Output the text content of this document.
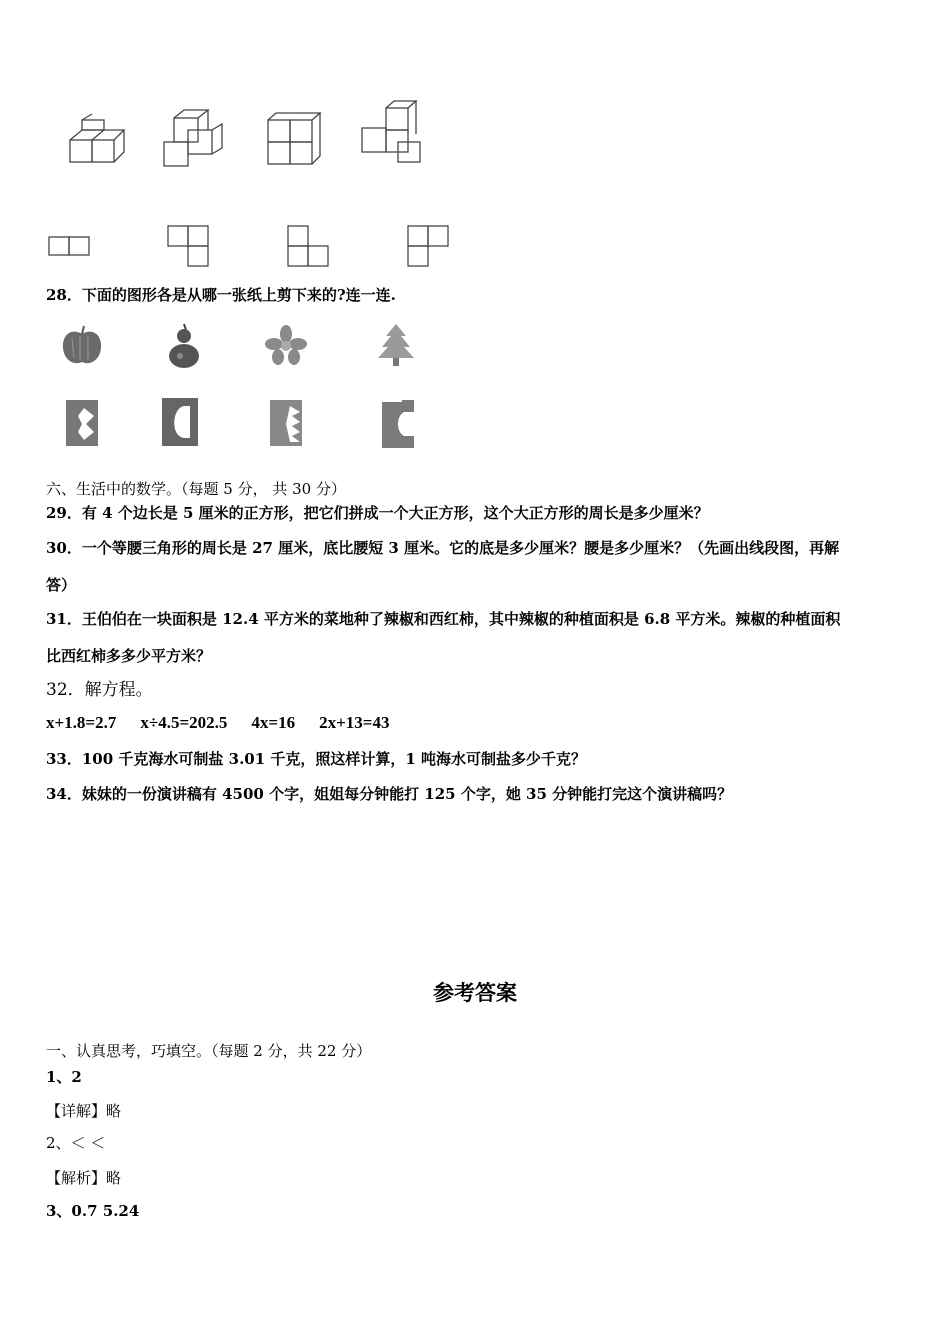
28．下面的图形各是从哪一张纸上剪下来的?连一连.
六、生活中的数学。（每题 5 分， 共 30 分）
29．有 4 个边长是 5 厘米的正方形，把它们拼成一个大正方形，这个大正方形的周长是多少厘米？
30．一个等腰三角形的周长是 27 厘米，底比腰短 3 厘米。它的底是多少厘米？腰是多少厘米？（先画出线段图，再解
答）
31．王伯伯在一块面积是 12.4 平方米的菜地种了辣椒和西红柿，其中辣椒的种植面积是 6.8 平方米。辣椒的种植面积
比西红柿多多少平方米？
32．解方程。
x+1.8=2.7 x÷4.5=202.5 4x=16 2x+13=43
33．100 千克海水可制盐 3.01 千克，照这样计算，1 吨海水可制盐多少千克？
34．妹妹的一份演讲稿有 4500 个字，姐姐每分钟能打 125 个字，她 35 分钟能打完这个演讲稿吗？
参考答案
一、认真思考，巧填空。（每题 2 分，共 22 分）
1、2
【详解】略
2、＜ ＜
【解析】略
3、0.7 5.24
